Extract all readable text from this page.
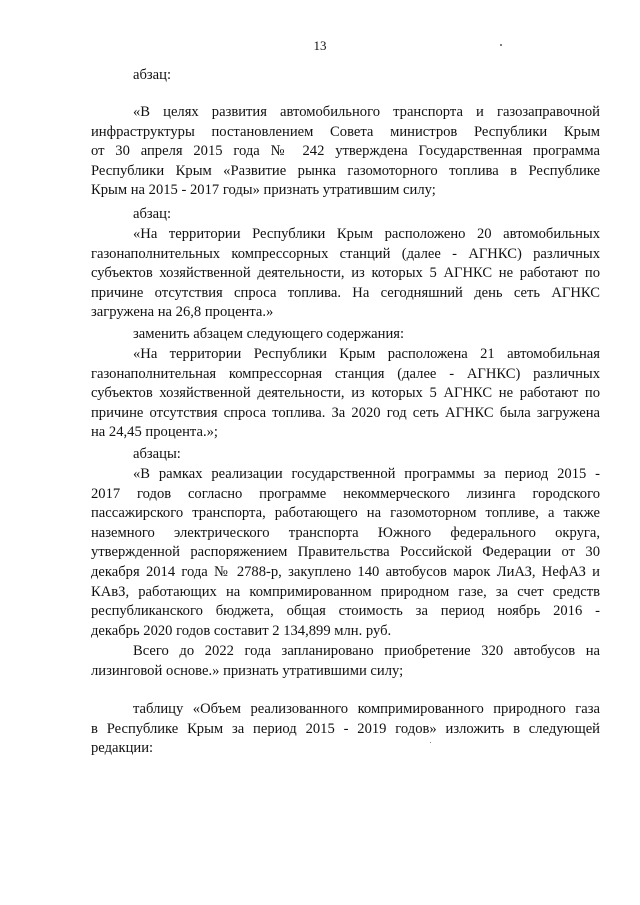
13
абзац:
«В целях развития автомобильного транспорта и газозаправочной
инфраструктуры постановлением Совета министров Республики Крым
от 30 апреля 2015 года № 242 утверждена Государственная программа
Республики Крым «Развитие рынка газомоторного топлива в Республике
Крым на 2015 - 2017 годы» признать утратившим силу;
абзац:
«На территории Республики Крым расположено 20 автомобильных
газонаполнительных компрессорных станций (далее - АГНКС) различных
субъектов хозяйственной деятельности, из которых 5 АГНКС не работают по
причине отсутствия спроса топлива. На сегодняшний день сеть АГНКС
загружена на 26,8 процента.»
заменить абзацем следующего содержания:
«На территории Республики Крым расположена 21 автомобильная
газонаполнительная компрессорная станция (далее - АГНКС) различных
субъектов хозяйственной деятельности, из которых 5 АГНКС не работают по
причине отсутствия спроса топлива. За 2020 год сеть АГНКС была загружена
на 24,45 процента.»;
абзацы:
«В рамках реализации государственной программы за период 2015 -
2017 годов согласно программе некоммерческого лизинга городского
пассажирского транспорта, работающего на газомоторном топливе, а также
наземного электрического транспорта Южного федерального округа,
утвержденной распоряжением Правительства Российской Федерации от 30
декабря 2014 года № 2788-р, закуплено 140 автобусов марок ЛиАЗ, НефАЗ и
КАвЗ, работающих на компримированном природном газе, за счет средств
республиканского бюджета, общая стоимость за период ноябрь 2016 -
декабрь 2020 годов составит 2 134,899 млн. руб.
Всего до 2022 года запланировано приобретение 320 автобусов на
лизинговой основе.» признать утратившими силу;
таблицу «Объем реализованного компримированного природного газа
в Республике Крым за период 2015 - 2019 годов» изложить в следующей
редакции:
